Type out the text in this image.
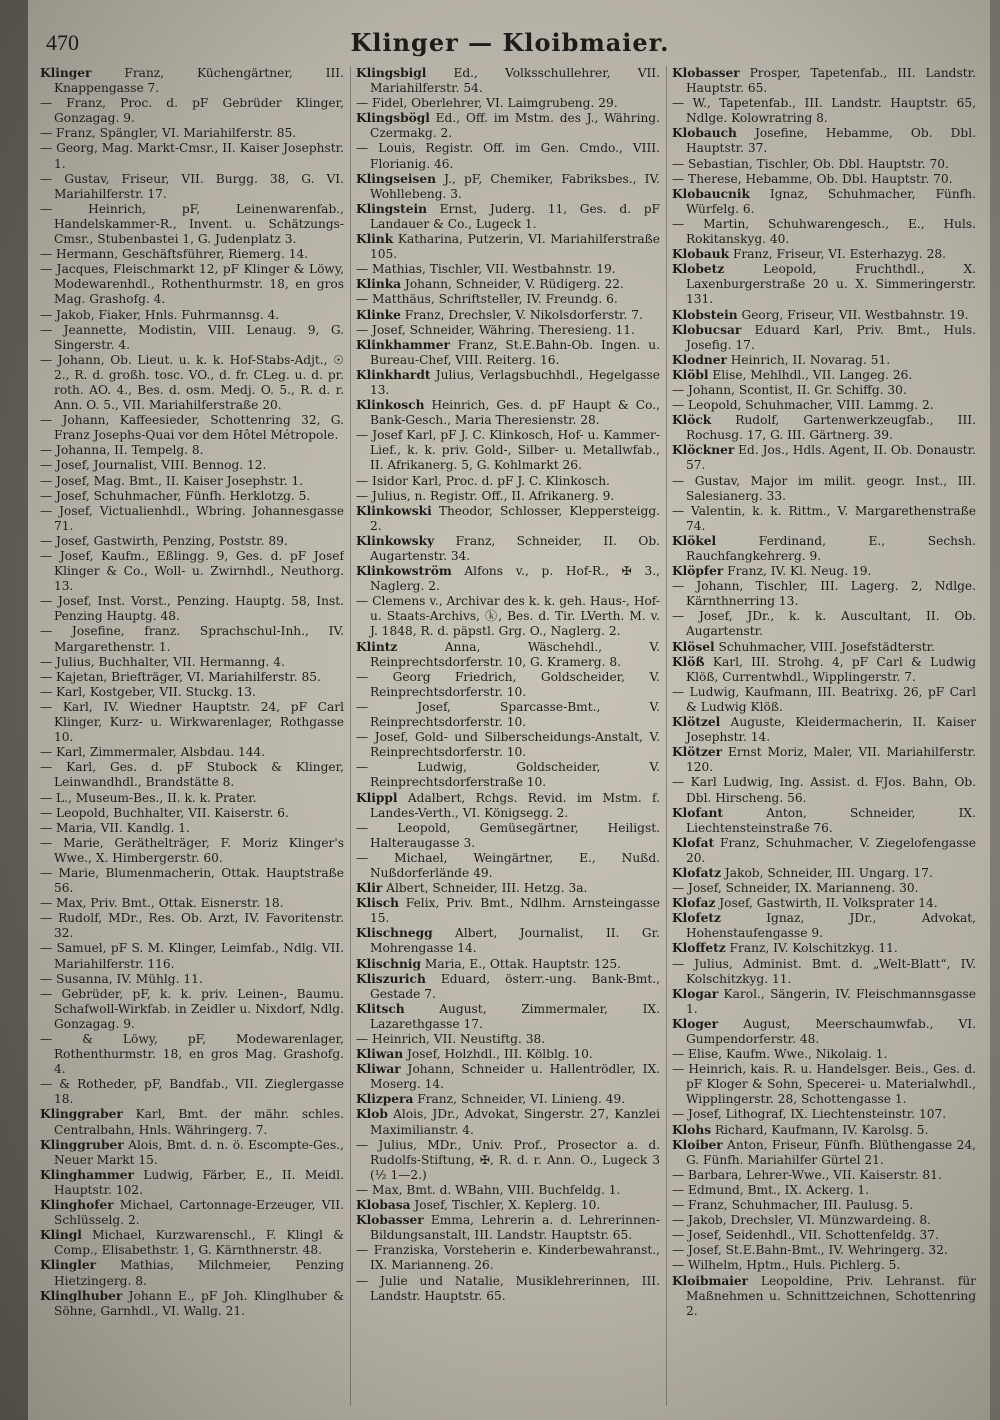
470	Klinger — Kloibmaier.

Klinger Franz, Küchengärtner, III. Knappengasse 7.

— Franz, Proc. d. pF Gebrüder Klinger, Gonzagag. 9.

— Franz, Spängler, VI. Mariahilferstr. 85.

— Georg, Mag. Markt-Cmsr., II. Kaiser Josephstr. 1.

— Gustav, Friseur, VII. Burgg. 38, G. VI. Mariahilferstr. 17.

— Heinrich, pF, Leinenwarenfab., Handelskammer-R., Invent. u. Schätzungs-Cmsr., Stubenbastei 1, G. Judenplatz 3.

— Hermann, Geschäftsführer, Riemerg. 14.

— Jacques, Fleischmarkt 12, pF Klinger & Löwy, Modewarenhdl., Rothenthurmstr. 18, en gros Mag. Grashofg. 4.

— Jakob, Fiaker, Hnls. Fuhrmannsg. 4.

— Jeannette, Modistin, VIII. Lenaug. 9, G. Singerstr. 4.

— Johann, Ob. Lieut. u. k. k. Hof-Stabs-Adjt., ☉ 2., R. d. großh. tosc. VO., d. fr. CLeg. u. d. pr. roth. AO. 4., Bes. d. osm. Medj. O. 5., R. d. r. Ann. O. 5., VII. Mariahilferstraße 20.

— Johann, Kaffeesieder, Schottenring 32, G. Franz Josephs-Quai vor dem Hôtel Métropole.

— Johanna, II. Tempelg. 8.

— Josef, Journalist, VIII. Bennog. 12.

— Josef, Mag. Bmt., II. Kaiser Josephstr. 1.

— Josef, Schuhmacher, Fünfh. Herklotzg. 5.

— Josef, Victualienhdl., Wbring. Johannesgasse 71.

— Josef, Gastwirth, Penzing, Poststr. 89.

— Josef, Kaufm., Eßlingg. 9, Ges. d. pF Josef Klinger & Co., Woll- u. Zwirnhdl., Neuthorg. 13.

— Josef, Inst. Vorst., Penzing. Hauptg. 58, Inst. Penzing Hauptg. 48.

— Josefine, franz. Sprachschul-Inh., IV. Margarethenstr. 1.

— Julius, Buchhalter, VII. Hermanng. 4.

— Kajetan, Briefträger, VI. Mariahilferstr. 85.

— Karl, Kostgeber, VII. Stuckg. 13.

— Karl, IV. Wiedner Hauptstr. 24, pF Carl Klinger, Kurz- u. Wirkwarenlager, Rothgasse 10.

— Karl, Zimmermaler, Alsbdau. 144.

— Karl, Ges. d. pF Stubock & Klinger, Leinwandhdl., Brandstätte 8.

— L., Museum-Bes., II. k. k. Prater.

— Leopold, Buchhalter, VII. Kaiserstr. 6.

— Maria, VII. Kandlg. 1.

— Marie, Geräthelträger, F. Moriz Klinger's Wwe., X. Himbergerstr. 60.

— Marie, Blumenmacherin, Ottak. Hauptstraße 56.

— Max, Priv. Bmt., Ottak. Eisnerstr. 18.

— Rudolf, MDr., Res. Ob. Arzt, IV. Favoritenstr. 32.

— Samuel, pF S. M. Klinger, Leimfab., Ndlg. VII. Mariahilferstr. 116.

— Susanna, IV. Mühlg. 11.

— Gebrüder, pF, k. k. priv. Leinen-, Baumu. Schafwoll-Wirkfab. in Zeidler u. Nixdorf, Ndlg. Gonzagag. 9.

— & Löwy, pF, Modewarenlager, Rothenthurmstr. 18, en gros Mag. Grashofg. 4.

— & Rotheder, pF, Bandfab., VII. Zieglergasse 18.

Klinggraber Karl, Bmt. der mähr. schles. Centralbahn, Hnls. Währingerg. 7.

Klinggruber Alois, Bmt. d. n. ö. Escompte-Ges., Neuer Markt 15.

Klinghammer Ludwig, Färber, E., II. Meidl. Hauptstr. 102.

Klinghofer Michael, Cartonnage-Erzeuger, VII. Schlüsselg. 2.

Klingl Michael, Kurzwarenschl., F. Klingl & Comp., Elisabethstr. 1, G. Kärnthnerstr. 48.

Klingler Mathias, Milchmeier, Penzing Hietzingerg. 8.

Klinglhuber Johann E., pF Joh. Klinglhuber & Söhne, Garnhdl., VI. Wallg. 21.

Klingsbigl Ed., Volksschullehrer, VII. Mariahilferstr. 54.

— Fidel, Oberlehrer, VI. Laimgrubeng. 29.

Klingsbögl Ed., Off. im Mstm. des J., Währing. Czermakg. 2.

— Louis, Registr. Off. im Gen. Cmdo., VIII. Florianig. 46.

Klingseisen J., pF, Chemiker, Fabriksbes., IV. Wohllebeng. 3.

Klingstein Ernst, Juderg. 11, Ges. d. pF Landauer & Co., Lugeck 1.

Klink Katharina, Putzerin, VI. Mariahilferstraße 105.

— Mathias, Tischler, VII. Westbahnstr. 19.

Klinka Johann, Schneider, V. Rüdigerg. 22.

— Matthäus, Schriftsteller, IV. Freundg. 6.

Klinke Franz, Drechsler, V. Nikolsdorferstr. 7.

— Josef, Schneider, Währing. Theresieng. 11.

Klinkhammer Franz, St.E.Bahn-Ob. Ingen. u. Bureau-Chef, VIII. Reiterg. 16.

Klinkhardt Julius, Verlagsbuchhdl., Hegelgasse 13.

Klinkosch Heinrich, Ges. d. pF Haupt & Co., Bank-Gesch., Maria Theresienstr. 28.

— Josef Karl, pF J. C. Klinkosch, Hof- u. Kammer-Lief., k. k. priv. Gold-, Silber- u. Metallwfab., II. Afrikanerg. 5, G. Kohlmarkt 26.

— Isidor Karl, Proc. d. pF J. C. Klinkosch.

— Julius, n. Registr. Off., II. Afrikanerg. 9.

Klinkowski Theodor, Schlosser, Kleppersteigg. 2.

Klinkowsky Franz, Schneider, II. Ob. Augartenstr. 34.

Klinkowström Alfons v., p. Hof-R., ✠ 3., Naglerg. 2.

— Clemens v., Archivar des k. k. geh. Haus-, Hof- u. Staats-Archivs, ⓚ, Bes. d. Tir. LVerth. M. v. J. 1848, R. d. päpstl. Grg. O., Naglerg. 2.

Klintz Anna, Wäschehdl., V. Reinprechtsdorferstr. 10, G. Kramerg. 8.

— Georg Friedrich, Goldscheider, V. Reinprechtsdorferstr. 10.

— Josef, Sparcasse-Bmt., V. Reinprechtsdorferstr. 10.

— Josef, Gold- und Silberscheidungs-Anstalt, V. Reinprechtsdorferstr. 10.

— Ludwig, Goldscheider, V. Reinprechtsdorferstraße 10.

Klippl Adalbert, Rchgs. Revid. im Mstm. f. Landes-Verth., VI. Königsegg. 2.

— Leopold, Gemüsegärtner, Heiligst. Halteraugasse 3.

— Michael, Weingärtner, E., Nußd. Nußdorferlände 49.

Klir Albert, Schneider, III. Hetzg. 3a.

Klisch Felix, Priv. Bmt., Ndlhm. Arnsteingasse 15.

Klischnegg Albert, Journalist, II. Gr. Mohrengasse 14.

Klischnig Maria, E., Ottak. Hauptstr. 125.

Kliszurich Eduard, österr.-ung. Bank-Bmt., Gestade 7.

Klitsch August, Zimmermaler, IX. Lazarethgasse 17.

— Heinrich, VII. Neustiftg. 38.

Kliwan Josef, Holzhdl., III. Kölblg. 10.

Kliwar Johann, Schneider u. Hallentrödler, IX. Moserg. 14.

Klizpera Franz, Schneider, VI. Linieng. 49.

Klob Alois, JDr., Advokat, Singerstr. 27, Kanzlei Maximilianstr. 4.

— Julius, MDr., Univ. Prof., Prosector a. d. Rudolfs-Stiftung, ✠, R. d. r. Ann. O., Lugeck 3 (½ 1—2.)

— Max, Bmt. d. WBahn, VIII. Buchfeldg. 1.

Klobasa Josef, Tischler, X. Keplerg. 10.

Klobasser Emma, Lehrerin a. d. Lehrerinnen-Bildungsanstalt, III. Landstr. Hauptstr. 65.

— Franziska, Vorsteherin e. Kinderbewahranst., IX. Marianneng. 26.

— Julie und Natalie, Musiklehrerinnen, III. Landstr. Hauptstr. 65.

Klobasser Prosper, Tapetenfab., III. Landstr. Hauptstr. 65.

— W., Tapetenfab., III. Landstr. Hauptstr. 65, Ndlge. Kolowratring 8.

Klobauch Josefine, Hebamme, Ob. Dbl. Hauptstr. 37.

— Sebastian, Tischler, Ob. Dbl. Hauptstr. 70.

— Therese, Hebamme, Ob. Dbl. Hauptstr. 70.

Klobaucnik Ignaz, Schuhmacher, Fünfh. Würfelg. 6.

— Martin, Schuhwarengesch., E., Huls. Rokitanskyg. 40.

Klobauk Franz, Friseur, VI. Esterhazyg. 28.

Klobetz Leopold, Fruchthdl., X. Laxenburgerstraße 20 u. X. Simmeringerstr. 131.

Klobstein Georg, Friseur, VII. Westbahnstr. 19.

Klobucsar Eduard Karl, Priv. Bmt., Huls. Josefig. 17.

Klodner Heinrich, II. Novarag. 51.

Klöbl Elise, Mehlhdl., VII. Langeg. 26.

— Johann, Scontist, II. Gr. Schiffg. 30.

— Leopold, Schuhmacher, VIII. Lammg. 2.

Klöck Rudolf, Gartenwerkzeugfab., III. Rochusg. 17, G. III. Gärtnerg. 39.

Klöckner Ed. Jos., Hdls. Agent, II. Ob. Donaustr. 57.

— Gustav, Major im milit. geogr. Inst., III. Salesianerg. 33.

— Valentin, k. k. Rittm., V. Margarethenstraße 74.

Klökel Ferdinand, E., Sechsh. Rauchfangkehrerg. 9.

Klöpfer Franz, IV. Kl. Neug. 19.

— Johann, Tischler, III. Lagerg. 2, Ndlge. Kärnthnerring 13.

— Josef, JDr., k. k. Auscultant, II. Ob. Augartenstr.

Klösel Schuhmacher, VIII. Josefstädterstr.

Klöß Karl, III. Strohg. 4, pF Carl & Ludwig Klöß, Currentwhdl., Wipplingerstr. 7.

— Ludwig, Kaufmann, III. Beatrixg. 26, pF Carl & Ludwig Klöß.

Klötzel Auguste, Kleidermacherin, II. Kaiser Josephstr. 14.

Klötzer Ernst Moriz, Maler, VII. Mariahilferstr. 120.

— Karl Ludwig, Ing. Assist. d. FJos. Bahn, Ob. Dbl. Hirscheng. 56.

Klofant Anton, Schneider, IX. Liechtensteinstraße 76.

Klofat Franz, Schuhmacher, V. Ziegelofengasse 20.

Klofatz Jakob, Schneider, III. Ungarg. 17.

— Josef, Schneider, IX. Marianneng. 30.

Klofaz Josef, Gastwirth, II. Volksprater 14.

Klofetz Ignaz, JDr., Advokat, Hohenstaufengasse 9.

Kloffetz Franz, IV. Kolschitzkyg. 11.

— Julius, Administ. Bmt. d. „Welt-Blatt“, IV. Kolschitzkyg. 11.

Klogar Karol., Sängerin, IV. Fleischmannsgasse 1.

Kloger August, Meerschaumwfab., VI. Gumpendorferstr. 48.

— Elise, Kaufm. Wwe., Nikolaig. 1.

— Heinrich, kais. R. u. Handelsger. Beis., Ges. d. pF Kloger & Sohn, Specerei- u. Materialwhdl., Wipplingerstr. 28, Schottengasse 1.

— Josef, Lithograf, IX. Liechtensteinstr. 107.

Klohs Richard, Kaufmann, IV. Karolsg. 5.

Kloiber Anton, Friseur, Fünfh. Blüthengasse 24, G. Fünfh. Mariahilfer Gürtel 21.

— Barbara, Lehrer-Wwe., VII. Kaiserstr. 81.

— Edmund, Bmt., IX. Ackerg. 1.

— Franz, Schuhmacher, III. Paulusg. 5.

— Jakob, Drechsler, VI. Münzwardeing. 8.

— Josef, Seidenhdl., VII. Schottenfeldg. 37.

— Josef, St.E.Bahn-Bmt., IV. Wehringerg. 32.

— Wilhelm, Hptm., Huls. Pichlerg. 5.

Kloibmaier Leopoldine, Priv. Lehranst. für Maßnehmen u. Schnittzeichnen, Schottenring 2.
